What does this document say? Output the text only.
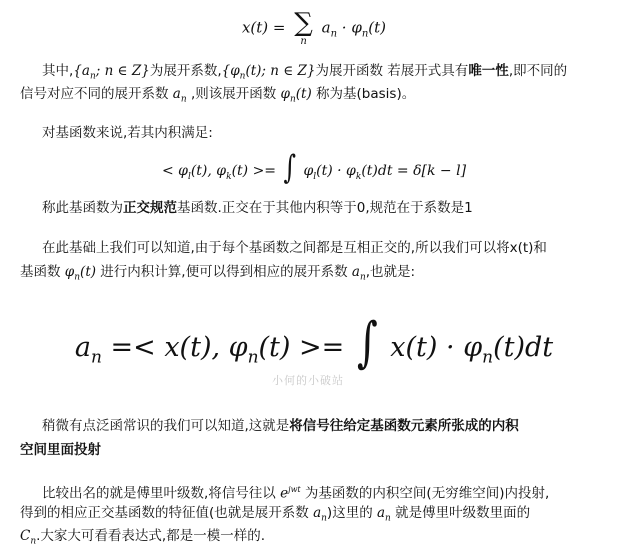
x(t) = ∑
n
$a_n \cdot \varphi_n(t)$
其中$,\{a_n$; n ∈ Z}为展开系数$,\{\varphi_n(t)$; n ∈ Z}为展开函数 若展开式具有唯一性,即不同的
信号对应不同的展开系数 $a_n$ ,则该展开函数 $\varphi_n(t)$ 称为基(basis)。
对基函数来说,若其内积满足:
< $\varphi_l(t)$, $\varphi_k(t)$ >= ∫ $\varphi_l(t) \cdot \varphi_k(t)dt = \delta[k - l]$
称此基函数为正交规范基函数.正交在于其他内积等于0,规范在于系数是1
在此基础上我们可以知道,由于每个基函数之间都是互相正交的,所以我们可以将x(t)和
基函数 $\varphi_n(t)$ 进行内积计算,便可以得到相应的展开系数 $a_n$,也就是:
$a_n =< x(t)$, $\varphi_n(t)$ >= ∫ $x(t) \cdot \varphi_n(t)dt$
小何的小破站
稍微有点泛函常识的我们可以知道,这就是将信号往给定基函数元素所张成的内积
空间里面投射
比较出名的就是傅里叶级数,将信号往以 $e^{jwt}$ 为基函数的内积空间(无穷维空间)内投射,
得到的相应正交基函数的特征值(也就是展开系数 $a_n$)这里的 $a_n$ 就是傅里叶级数里面的
$C_n$.大家大可看看表达式,都是一模一样的.
